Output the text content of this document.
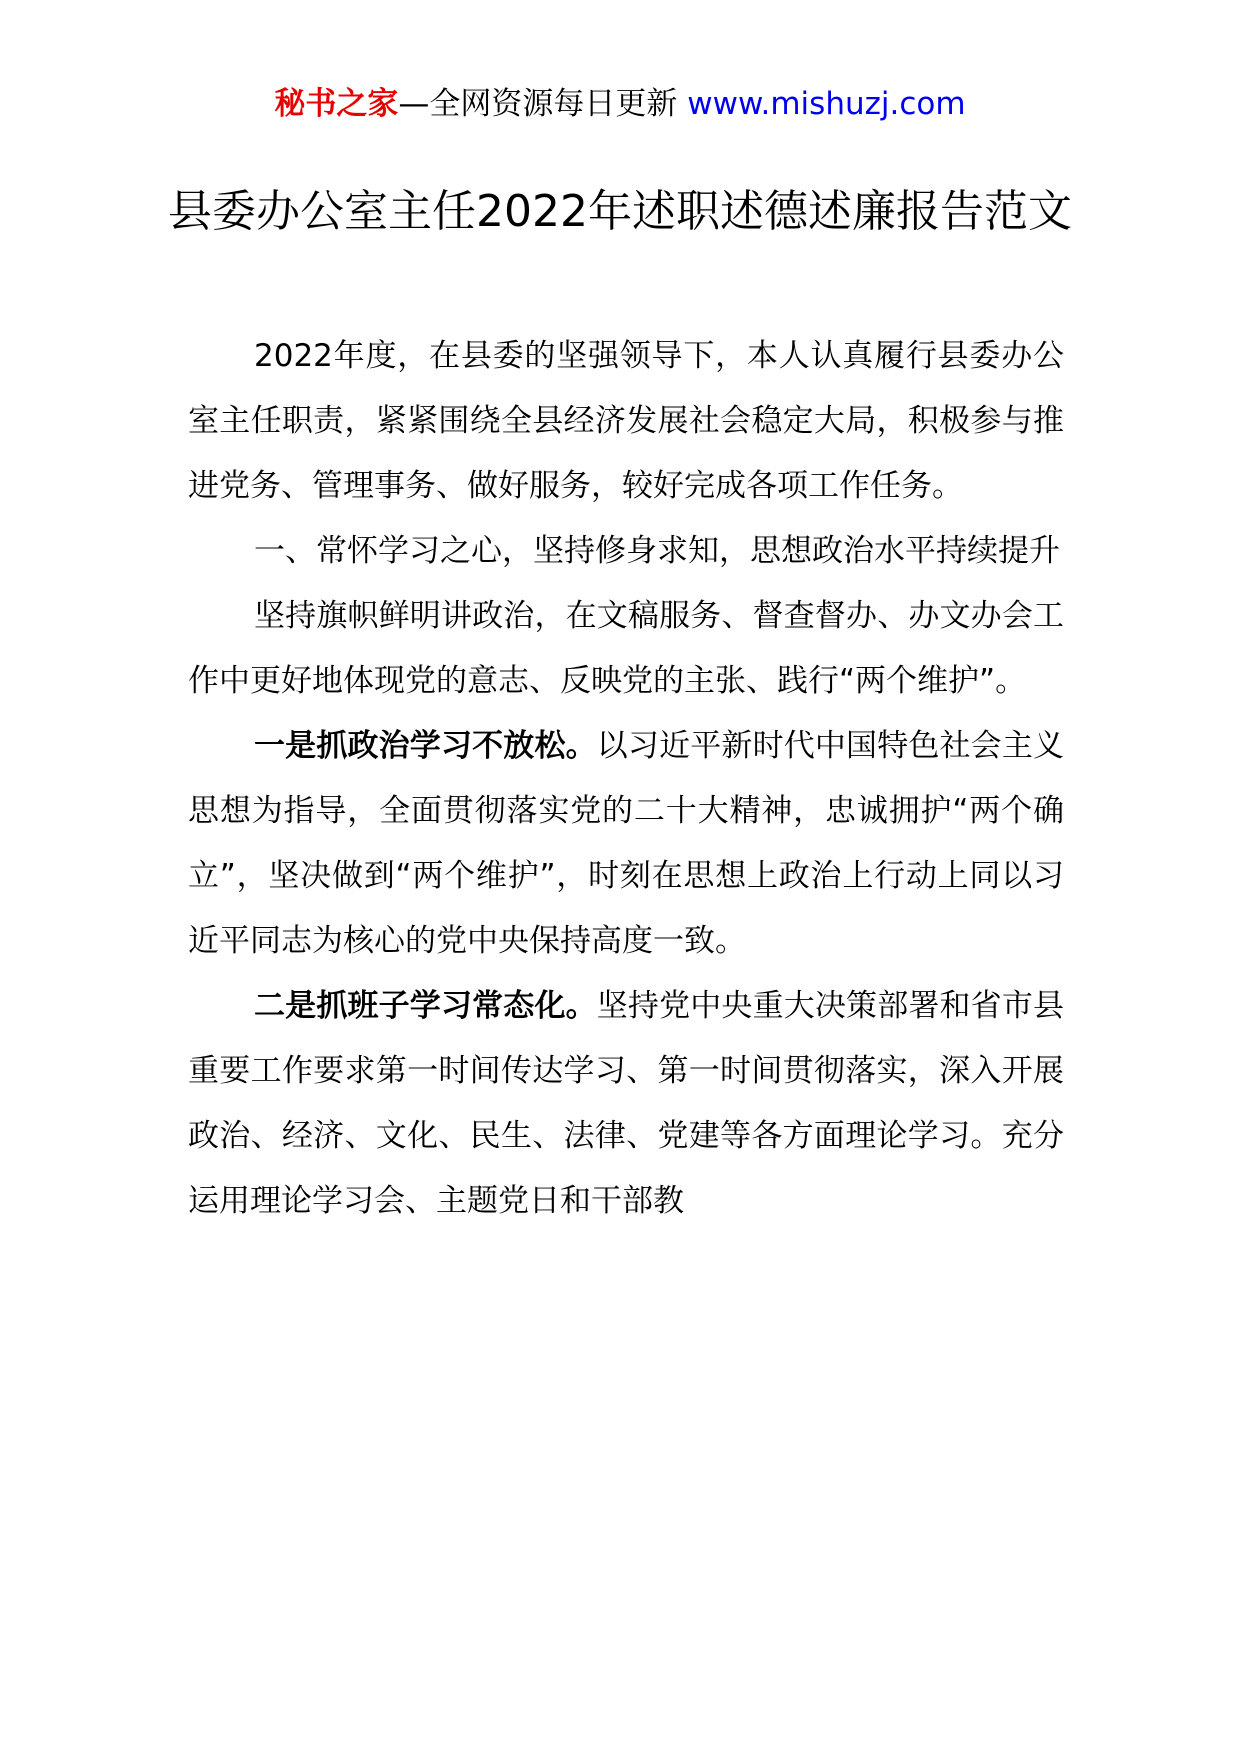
秘书之家—全网资源每日更新 www.mishuzj.com
县委办公室主任2022年述职述德述廉报告范文

2022年度，在县委的坚强领导下，本人认真履行县委办公室主任职责，紧紧围绕全县经济发展社会稳定大局，积极参与推进党务、管理事务、做好服务，较好完成各项工作任务。

一、常怀学习之心，坚持修身求知，思想政治水平持续提升

坚持旗帜鲜明讲政治，在文稿服务、督查督办、办文办会工作中更好地体现党的意志、反映党的主张、践行“两个维护”。

一是抓政治学习不放松。以习近平新时代中国特色社会主义思想为指导，全面贯彻落实党的二十大精神，忠诚拥护“两个确立”，坚决做到“两个维护”，时刻在思想上政治上行动上同以习近平同志为核心的党中央保持高度一致。

二是抓班子学习常态化。坚持党中央重大决策部署和省市县重要工作要求第一时间传达学习、第一时间贯彻落实，深入开展政治、经济、文化、民生、法律、党建等各方面理论学习。充分运用理论学习会、主题党日和干部教
